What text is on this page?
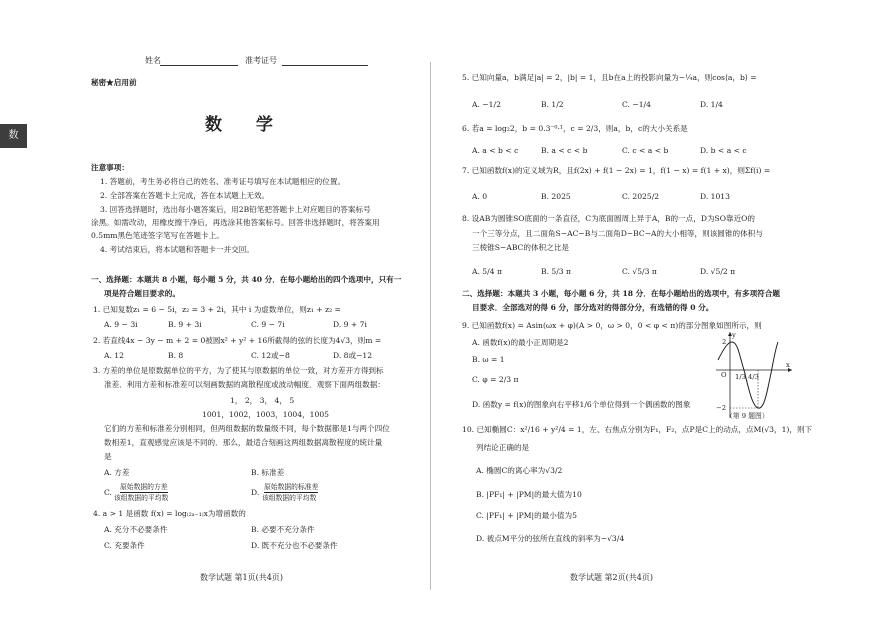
数
姓名	准考证号
秘密★启用前
数 学
注意事项：
1. 答题前，考生务必将自己的姓名、准考证号填写在本试题相应的位置。
2. 全部答案在答题卡上完成，答在本试题上无效。
3. 回答选择题时，选出每小题答案后，用2B铅笔把答题卡上对应题目的答案标号
涂黑。如需改动，用橡皮擦干净后，再选涂其他答案标号。回答非选择题时，将答案用
0.5mm黑色笔迹签字笔写在答题卡上。
4. 考试结束后，将本试题和答题卡一并交回。
一、选择题：本题共 8 小题，每小题 5 分，共 40 分．在每小题给出的四个选项中，只有一
项是符合题目要求的。
1. 已知复数z₁ = 6 − 5i，z₂ = 3 + 2i，其中 i 为虚数单位，则z₁ + z₂ =
A. 9 − 3i	B. 9 + 3i	C. 9 − 7i	D. 9 + 7i
2. 若直线4x − 3y − m + 2 = 0被圆x² + y² + 16所截得的弦的长度为4√3，则m =
A. 12	B. 8	C. 12或−8	D. 8或−12
3. 方差的单位是原数据单位的平方，为了使其与原数据的单位一致，对方差开方得到标
准差．利用方差和标准差可以刻画数据的离散程度或波动幅度．观察下面两组数据：
1， 2， 3， 4， 5
1001，1002，1003，1004，1005
它们的方差和标准差分别相同，但两组数据的数量级不同，每个数据都是1与两个四位
数相差1，直观感觉应该是不同的．那么，最适合刻画这两组数据离散程度的统计量
是
A. 方差	B. 标准差
C.
原始数据的方差
该组数据的平均数
D.
原始数据的标准差
该组数据的平均数
4. a > 1 是函数 f(x) = log₍₂ₐ₋₁₎x为增函数的
A. 充分不必要条件	B. 必要不充分条件
C. 充要条件	D. 既不充分也不必要条件
数学试题 第1页(共4页)
5. 已知向量a，b满足|a| = 2，|b| = 1，且b在a上的投影向量为−¼a，则cos⟨a，b⟩ =
A. −1/2	B. 1/2	C. −1/4	D. 1/4
6. 若a = log₂2，b = 0.3⁻⁰·¹，c = 2/3，则a，b，c的大小关系是
A. a < b < c	B. a < c < b	C. c < a < b	D. b < a < c
7. 已知函数f(x)的定义域为R，且f(2x) + f(1 − 2x) = 1，f(1 − x) = f(1 + x)，则Σf(i) =
A. 0	B. 2025	C. 2025/2	D. 1013
8. 设AB为圆锥SO底面的一条直径，C为底面圆周上异于A，B的一点，D为SO靠近O的
一个三等分点，且二面角S−AC−B与二面角D−BC−A的大小相等，则该圆锥的体积与
三棱锥S−ABC的体积之比是
A. 5/4 π	B. 5/3 π	C. √5/3 π	D. √5/2 π
二、选择题：本题共 3 小题，每小题 6 分，共 18 分．在每小题给出的选项中，有多项符合题
目要求．全部选对的得 6 分，部分选对的得部分分，有选错的得 0 分。
9. 已知函数f(x) = Asin(ωx + φ)(A > 0，ω > 0，0 < φ < π)的部分图象如图所示，则
A. 函数f(x)的最小正周期是2
B. ω = 1
C. φ = 2/3 π
D. 函数y = f(x)的图象向右平移1/6个单位得到一个偶函数的图象
y
x
O 1/3 4/3
2
−2
（第 9 题图）
10. 已知椭圆C：x²/16 + y²/4 = 1，左、右焦点分别为F₁，F₂，点P是C上的动点，点M(√3，1)，则下
列结论正确的是
A. 椭圆C的离心率为√3/2
B. |PF₁| + |PM|的最大值为10
C. |PF₁| + |PM|的最小值为5
D. 被点M平分的弦所在直线的斜率为−√3/4
数学试题 第2页(共4页)
